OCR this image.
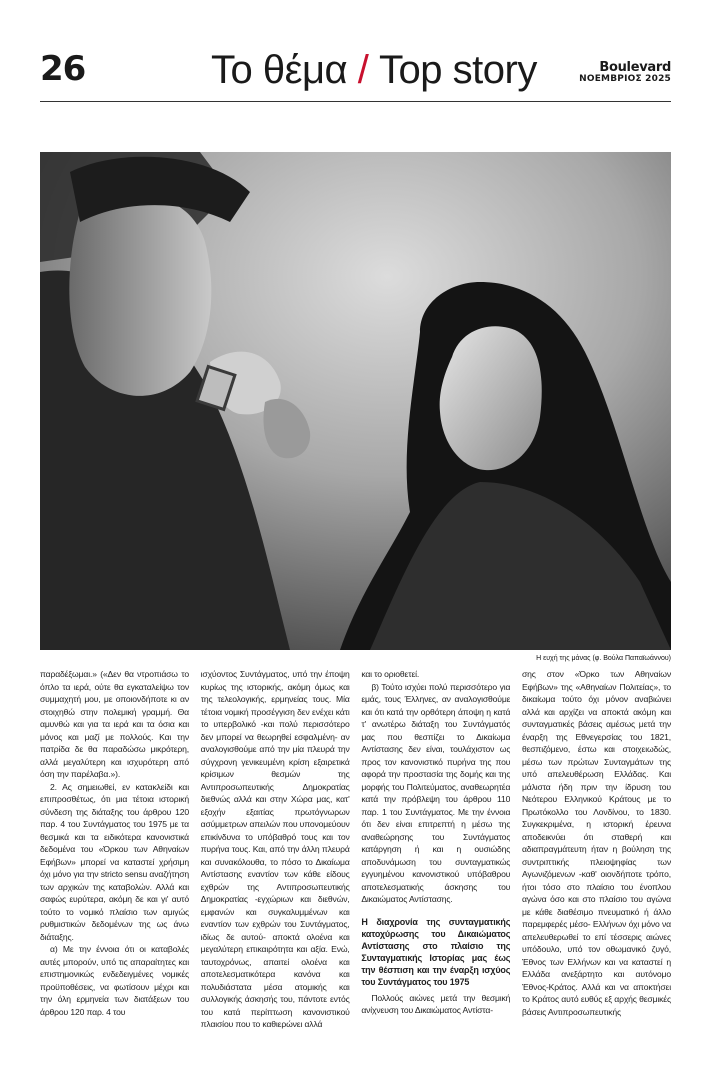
26	Το θέμα / Top story	Boulevard
ΝΟΕΜΒΡΙΟΣ 2025
Η ευχή της μάνας (φ. Βούλα Παπαϊωάννου)

παραδέξωμαι.» («Δεν θα ντροπιάσω το όπλο τα ιερά, ούτε θα εγκαταλείψω τον συμμαχητή μου, με οποιονδήποτε κι αν στοιχηθώ στην πολεμική γραμμή. Θα αμυνθώ και για τα ιερά και τα όσια και μόνος και μαζί με πολλούς. Και την πατρίδα δε θα παραδώσω μικρότερη, αλλά μεγαλύτερη και ισχυρότερη από όση την παρέλαβα.»).

2. Ας σημειωθεί, εν κατακλείδι και επιπροσθέτως, ότι μια τέτοια ιστορική σύνδεση της διάταξης του άρθρου 120 παρ. 4 του Συντάγματος του 1975 με τα θεσμικά και τα ειδικότερα κανονιστικά δεδομένα του «Όρκου των Αθηναίων Εφήβων» μπορεί να καταστεί χρήσιμη όχι μόνο για την stricto sensu αναζήτηση των αρχικών της καταβολών. Αλλά και σαφώς ευρύτερα, ακόμη δε και γι' αυτό τούτο το νομικό πλαίσιο των αμιγώς ρυθμιστικών δεδομένων της ως άνω διάταξης.

α) Με την έννοια ότι οι καταβολές αυτές μπορούν, υπό τις απαραίτητες και επιστημονικώς ενδεδειγμένες νομικές προϋποθέσεις, να φωτίσουν μέχρι και την όλη ερμηνεία των διατάξεων του άρθρου 120 παρ. 4 του

ισχύοντος Συντάγματος, υπό την έποψη κυρίως της ιστορικής, ακόμη όμως και της τελεολογικής, ερμηνείας τους. Μία τέτοια νομική προσέγγιση δεν ενέχει κάτι το υπερβολικό -και πολύ περισσότερο δεν μπορεί να θεωρηθεί εσφαλμένη- αν αναλογισθούμε από την μία πλευρά την σύγχρονη γενικευμένη κρίση εξαιρετικά κρίσιμων θεσμών της Αντιπροσωπευτικής Δημοκρατίας διεθνώς αλλά και στην Χώρα μας, κατ' εξοχήν εξαιτίας πρωτόγνωρων ασύμμετρων απειλών που υπονομεύουν επικίνδυνα το υπόβαθρό τους και τον πυρήνα τους. Και, από την άλλη πλευρά και συνακόλουθα, το πόσο το Δικαίωμα Αντίστασης εναντίον των κάθε είδους εχθρών της Αντιπροσωπευτικής Δημοκρατίας -εγχώριων και διεθνών, εμφανών και συγκαλυμμένων και εναντίον των εχθρών του Συντάγματος, ιδίως δε αυτού- αποκτά ολοένα και μεγαλύτερη επικαιρότητα και αξία. Ενώ, ταυτοχρόνως, απαιτεί ολοένα και αποτελεσματικότερα κανόνα και πολυδιάστατα μέσα ατομικής και συλλογικής άσκησής του, πάντοτε εντός του κατά περίπτωση κανονιστικού πλαισίου που το καθιερώνει αλλά

και το οριοθετεί.

β) Τούτο ισχύει πολύ περισσότερο για εμάς, τους Έλληνες, αν αναλογισθούμε και ότι κατά την ορθότερη άποψη η κατά τ' ανωτέρω διάταξη του Συντάγματός μας που θεσπίζει το Δικαίωμα Αντίστασης δεν είναι, τουλάχιστον ως προς τον κανονιστικό πυρήνα της που αφορά την προστασία της δομής και της μορφής του Πολιτεύματος, αναθεωρητέα κατά την πρόβλεψη του άρθρου 110 παρ. 1 του Συντάγματος. Με την έννοια ότι δεν είναι επιτρεπτή η μέσω της αναθεώρησης του Συντάγματος κατάργηση ή και η ουσιώδης αποδυνάμωση του συνταγματικώς εγγυημένου κανονιστικού υπόβαθρου αποτελεσματικής άσκησης του Δικαιώματος Αντίστασης.

Η διαχρονία της συνταγματικής κατοχύρωσης του Δικαιώματος Αντίστασης στο πλαίσιο της Συνταγματικής Ιστορίας μας έως την θέσπιση και την έναρξη ισχύος του Συντάγματος του 1975

Πολλούς αιώνες μετά την θεσμική ανίχνευση του Δικαιώματος Αντίστα-

σης στον «Όρκο των Αθηναίων Εφήβων» της «Αθηναίων Πολιτείας», το δικαίωμα τούτο όχι μόνον αναβιώνει αλλά και αρχίζει να αποκτά ακόμη και συνταγματικές βάσεις αμέσως μετά την έναρξη της Εθνεγερσίας του 1821, θεσπιζόμενο, έστω και στοιχειωδώς, μέσω των πρώτων Συνταγμάτων της υπό απελευθέρωση Ελλάδας. Και μάλιστα ήδη πριν την ίδρυση του Νεότερου Ελληνικού Κράτους με το Πρωτόκολλο του Λονδίνου, το 1830. Συγκεκριμένα, η ιστορική έρευνα αποδεικνύει ότι σταθερή και αδιαπραγμάτευτη ήταν η βούληση της συντριπτικής πλειοψηφίας των Αγωνιζόμενων -καθ' οιονδήποτε τρόπο, ήτοι τόσο στο πλαίσιο του ένοπλου αγώνα όσο και στο πλαίσιο του αγώνα με κάθε διαθέσιμο πνευματικό ή άλλο παρεμφερές μέσο- Ελλήνων όχι μόνο να απελευθερωθεί το επί τέσσερις αιώνες υπόδουλο, υπό τον οθωμανικό ζυγό, Έθνος των Ελλήνων και να καταστεί η Ελλάδα ανεξάρτητο και αυτόνομο Έθνος-Κράτος. Αλλά και να αποκτήσει το Κράτος αυτό ευθύς εξ αρχής θεσμικές βάσεις Αντιπροσωπευτικής
